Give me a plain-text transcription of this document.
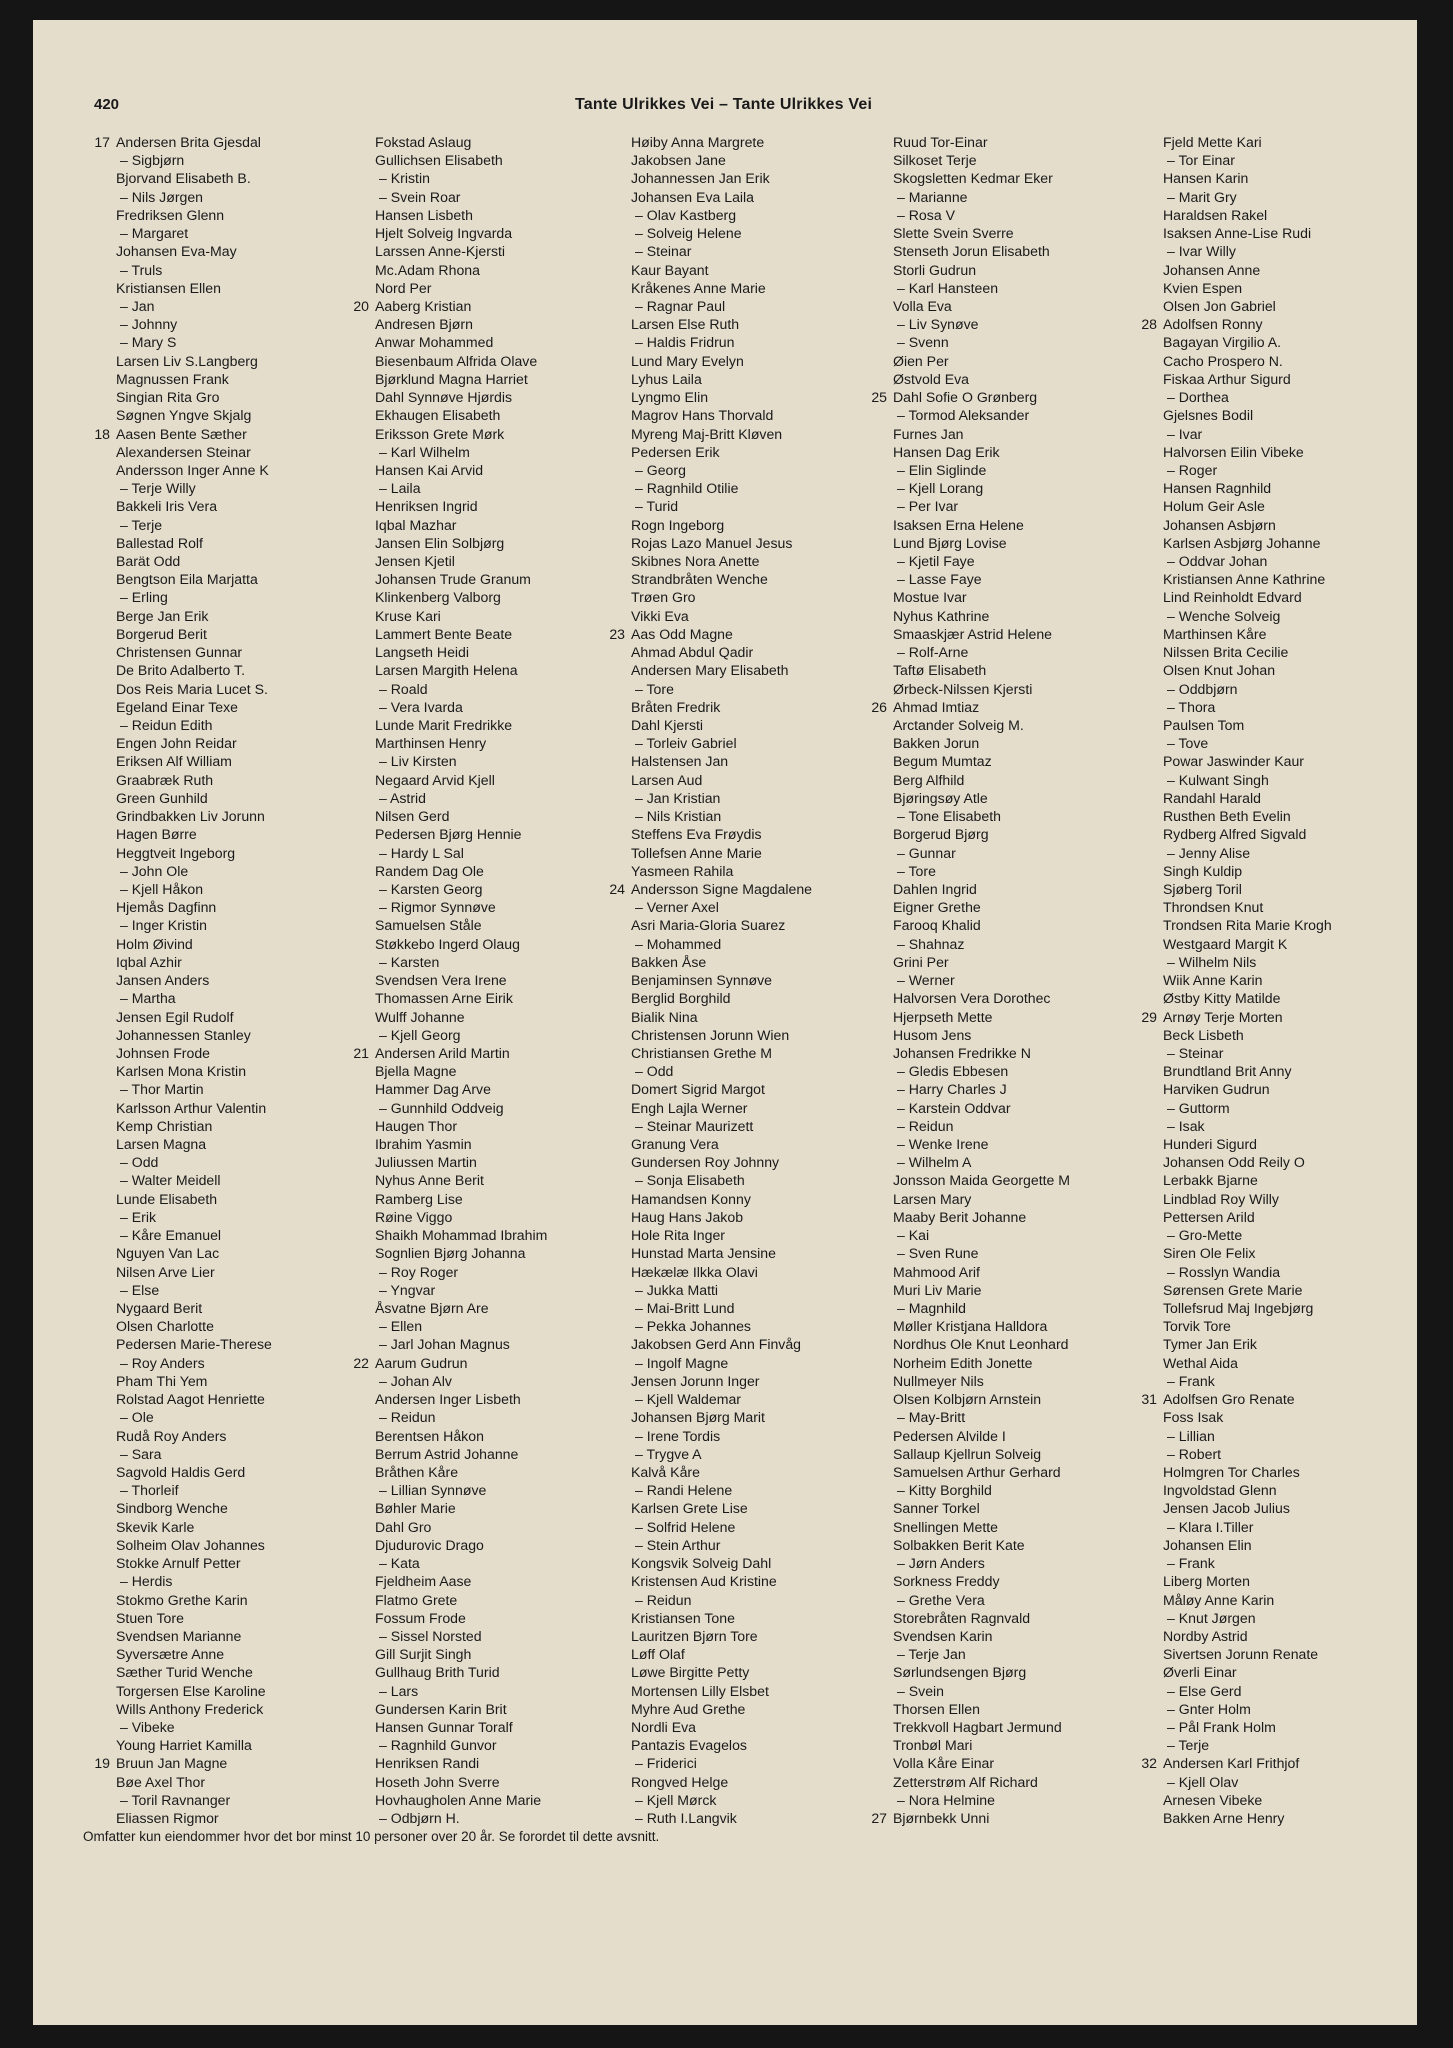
420	Tante Ulrikkes Vei – Tante Ulrikkes Vei
17 Andersen Brita Gjesdal
– Sigbjørn
Bjorvand Elisabeth B.
– Nils Jørgen
Fredriksen Glenn
– Margaret
Johansen Eva-May
– Truls
Kristiansen Ellen
– Jan
– Johnny
– Mary S
Larsen Liv S.Langberg
Magnussen Frank
Singian Rita Gro
Søgnen Yngve Skjalg
18 Aasen Bente Sæther
Alexandersen Steinar
Andersson Inger Anne K
– Terje Willy
Bakkeli Iris Vera
– Terje
Ballestad Rolf
Barät Odd
Bengtson Eila Marjatta
– Erling
Berge Jan Erik
Borgerud Berit
Christensen Gunnar
De Brito Adalberto T.
Dos Reis Maria Lucet S.
Egeland Einar Texe
– Reidun Edith
Engen John Reidar
Eriksen Alf William
Graabræk Ruth
Green Gunhild
Grindbakken Liv Jorunn
Hagen Børre
Heggtveit Ingeborg
– John Ole
– Kjell Håkon
Hjemås Dagfinn
– Inger Kristin
Holm Øivind
Iqbal Azhir
Jansen Anders
– Martha
Jensen Egil Rudolf
Johannessen Stanley
Johnsen Frode
Karlsen Mona Kristin
– Thor Martin
Karlsson Arthur Valentin
Kemp Christian
Larsen Magna
– Odd
– Walter Meidell
Lunde Elisabeth
– Erik
– Kåre Emanuel
Nguyen Van Lac
Nilsen Arve Lier
– Else
Nygaard Berit
Olsen Charlotte
Pedersen Marie-Therese
– Roy Anders
Pham Thi Yem
Rolstad Aagot Henriette
– Ole
Rudå Roy Anders
– Sara
Sagvold Haldis Gerd
– Thorleif
Sindborg Wenche
Skevik Karle
Solheim Olav Johannes
Stokke Arnulf Petter
– Herdis
Stokmo Grethe Karin
Stuen Tore
Svendsen Marianne
Syversætre Anne
Sæther Turid Wenche
Torgersen Else Karoline
Wills Anthony Frederick
– Vibeke
Young Harriet Kamilla
19 Bruun Jan Magne
Bøe Axel Thor
– Toril Ravnanger
Eliassen Rigmor
Fokstad Aslaug
Gullichsen Elisabeth
– Kristin
– Svein Roar
Hansen Lisbeth
Hjelt Solveig Ingvarda
Larssen Anne-Kjersti
Mc.Adam Rhona
Nord Per
20 Aaberg Kristian
Andresen Bjørn
Anwar Mohammed
Biesenbaum Alfrida Olave
Bjørklund Magna Harriet
Dahl Synnøve Hjørdis
Ekhaugen Elisabeth
Eriksson Grete Mørk
– Karl Wilhelm
Hansen Kai Arvid
– Laila
Henriksen Ingrid
Iqbal Mazhar
Jansen Elin Solbjørg
Jensen Kjetil
Johansen Trude Granum
Klinkenberg Valborg
Kruse Kari
Lammert Bente Beate
Langseth Heidi
Larsen Margith Helena
– Roald
– Vera Ivarda
Lunde Marit Fredrikke
Marthinsen Henry
– Liv Kirsten
Negaard Arvid Kjell
– Astrid
Nilsen Gerd
Pedersen Bjørg Hennie
– Hardy L Sal
Randem Dag Ole
– Karsten Georg
– Rigmor Synnøve
Samuelsen Ståle
Støkkebo Ingerd Olaug
– Karsten
Svendsen Vera Irene
Thomassen Arne Eirik
Wulff Johanne
– Kjell Georg
21 Andersen Arild Martin
Bjella Magne
Hammer Dag Arve
– Gunnhild Oddveig
Haugen Thor
Ibrahim Yasmin
Juliussen Martin
Nyhus Anne Berit
Ramberg Lise
Røine Viggo
Shaikh Mohammad Ibrahim
Sognlien Bjørg Johanna
– Roy Roger
– Yngvar
Åsvatne Bjørn Are
– Ellen
– Jarl Johan Magnus
22 Aarum Gudrun
– Johan Alv
Andersen Inger Lisbeth
– Reidun
Berentsen Håkon
Berrum Astrid Johanne
Bråthen Kåre
– Lillian Synnøve
Bøhler Marie
Dahl Gro
Djudurovic Drago
– Kata
Fjeldheim Aase
Flatmo Grete
Fossum Frode
– Sissel Norsted
Gill Surjit Singh
Gullhaug Brith Turid
– Lars
Gundersen Karin Brit
Hansen Gunnar Toralf
– Ragnhild Gunvor
Henriksen Randi
Hoseth John Sverre
Hovhaugholen Anne Marie
– Odbjørn H.
Høiby Anna Margrete
Jakobsen Jane
Johannessen Jan Erik
Johansen Eva Laila
– Olav Kastberg
– Solveig Helene
– Steinar
Kaur Bayant
Kråkenes Anne Marie
– Ragnar Paul
Larsen Else Ruth
– Haldis Fridrun
Lund Mary Evelyn
Lyhus Laila
Lyngmo Elin
Magrov Hans Thorvald
Myreng Maj-Britt Kløven
Pedersen Erik
– Georg
– Ragnhild Otilie
– Turid
Rogn Ingeborg
Rojas Lazo Manuel Jesus
Skibnes Nora Anette
Strandbråten Wenche
Trøen Gro
Vikki Eva
23 Aas Odd Magne
Ahmad Abdul Qadir
Andersen Mary Elisabeth
– Tore
Bråten Fredrik
Dahl Kjersti
– Torleiv Gabriel
Halstensen Jan
Larsen Aud
– Jan Kristian
– Nils Kristian
Steffens Eva Frøydis
Tollefsen Anne Marie
Yasmeen Rahila
24 Andersson Signe Magdalene
– Verner Axel
Asri Maria-Gloria Suarez
– Mohammed
Bakken Åse
Benjaminsen Synnøve
Berglid Borghild
Bialik Nina
Christensen Jorunn Wien
Christiansen Grethe M
– Odd
Domert Sigrid Margot
Engh Lajla Werner
– Steinar Maurizett
Granung Vera
Gundersen Roy Johnny
– Sonja Elisabeth
Hamandsen Konny
Haug Hans Jakob
Hole Rita Inger
Hunstad Marta Jensine
Hækælæ Ilkka Olavi
– Jukka Matti
– Mai-Britt Lund
– Pekka Johannes
Jakobsen Gerd Ann Finvåg
– Ingolf Magne
Jensen Jorunn Inger
– Kjell Waldemar
Johansen Bjørg Marit
– Irene Tordis
– Trygve A
Kalvå Kåre
– Randi Helene
Karlsen Grete Lise
– Solfrid Helene
– Stein Arthur
Kongsvik Solveig Dahl
Kristensen Aud Kristine
– Reidun
Kristiansen Tone
Lauritzen Bjørn Tore
Løff Olaf
Løwe Birgitte Petty
Mortensen Lilly Elsbet
Myhre Aud Grethe
Nordli Eva
Pantazis Evagelos
– Friderici
Rongved Helge
– Kjell Mørck
– Ruth I.Langvik
Ruud Tor-Einar
Silkoset Terje
Skogsletten Kedmar Eker
– Marianne
– Rosa V
Slette Svein Sverre
Stenseth Jorun Elisabeth
Storli Gudrun
– Karl Hansteen
Volla Eva
– Liv Synøve
– Svenn
Øien Per
Østvold Eva
25 Dahl Sofie O Grønberg
– Tormod Aleksander
Furnes Jan
Hansen Dag Erik
– Elin Siglinde
– Kjell Lorang
– Per Ivar
Isaksen Erna Helene
Lund Bjørg Lovise
– Kjetil Faye
– Lasse Faye
Mostue Ivar
Nyhus Kathrine
Smaaskjær Astrid Helene
– Rolf-Arne
Taftø Elisabeth
Ørbeck-Nilssen Kjersti
26 Ahmad Imtiaz
Arctander Solveig M.
Bakken Jorun
Begum Mumtaz
Berg Alfhild
Bjøringsøy Atle
– Tone Elisabeth
Borgerud Bjørg
– Gunnar
– Tore
Dahlen Ingrid
Eigner Grethe
Farooq Khalid
– Shahnaz
Grini Per
– Werner
Halvorsen Vera Dorothec
Hjerpseth Mette
Husom Jens
Johansen Fredrikke N
– Gledis Ebbesen
– Harry Charles J
– Karstein Oddvar
– Reidun
– Wenke Irene
– Wilhelm A
Jonsson Maida Georgette M
Larsen Mary
Maaby Berit Johanne
– Kai
– Sven Rune
Mahmood Arif
Muri Liv Marie
– Magnhild
Møller Kristjana Halldora
Nordhus Ole Knut Leonhard
Norheim Edith Jonette
Nullmeyer Nils
Olsen Kolbjørn Arnstein
– May-Britt
Pedersen Alvilde I
Sallaup Kjellrun Solveig
Samuelsen Arthur Gerhard
– Kitty Borghild
Sanner Torkel
Snellingen Mette
Solbakken Berit Kate
– Jørn Anders
Sorkness Freddy
– Grethe Vera
Storebråten Ragnvald
Svendsen Karin
– Terje Jan
Sørlundsengen Bjørg
– Svein
Thorsen Ellen
Trekkvoll Hagbart Jermund
Tronbøl Mari
Volla Kåre Einar
Zetterstrøm Alf Richard
– Nora Helmine
27 Bjørnbekk Unni
Fjeld Mette Kari
– Tor Einar
Hansen Karin
– Marit Gry
Haraldsen Rakel
Isaksen Anne-Lise Rudi
– Ivar Willy
Johansen Anne
Kvien Espen
Olsen Jon Gabriel
28 Adolfsen Ronny
Bagayan Virgilio A.
Cacho Prospero N.
Fiskaa Arthur Sigurd
– Dorthea
Gjelsnes Bodil
– Ivar
Halvorsen Eilin Vibeke
– Roger
Hansen Ragnhild
Holum Geir Asle
Johansen Asbjørn
Karlsen Asbjørg Johanne
– Oddvar Johan
Kristiansen Anne Kathrine
Lind Reinholdt Edvard
– Wenche Solveig
Marthinsen Kåre
Nilssen Brita Cecilie
Olsen Knut Johan
– Oddbjørn
– Thora
Paulsen Tom
– Tove
Powar Jaswinder Kaur
– Kulwant Singh
Randahl Harald
Rusthen Beth Evelin
Rydberg Alfred Sigvald
– Jenny Alise
Singh Kuldip
Sjøberg Toril
Throndsen Knut
Trondsen Rita Marie Krogh
Westgaard Margit K
– Wilhelm Nils
Wiik Anne Karin
Østby Kitty Matilde
29 Arnøy Terje Morten
Beck Lisbeth
– Steinar
Brundtland Brit Anny
Harviken Gudrun
– Guttorm
– Isak
Hunderi Sigurd
Johansen Odd Reily O
Lerbakk Bjarne
Lindblad Roy Willy
Pettersen Arild
– Gro-Mette
Siren Ole Felix
– Rosslyn Wandia
Sørensen Grete Marie
Tollefsrud Maj Ingebjørg
Torvik Tore
Tymer Jan Erik
Wethal Aida
– Frank
31 Adolfsen Gro Renate
Foss Isak
– Lillian
– Robert
Holmgren Tor Charles
Ingvoldstad Glenn
Jensen Jacob Julius
– Klara I.Tiller
Johansen Elin
– Frank
Liberg Morten
Måløy Anne Karin
– Knut Jørgen
Nordby Astrid
Sivertsen Jorunn Renate
Øverli Einar
– Else Gerd
– Gnter Holm
– Pål Frank Holm
– Terje
32 Andersen Karl Frithjof
– Kjell Olav
Arnesen Vibeke
Bakken Arne Henry
Omfatter kun eiendommer hvor det bor minst 10 personer over 20 år. Se forordet til dette avsnitt.
